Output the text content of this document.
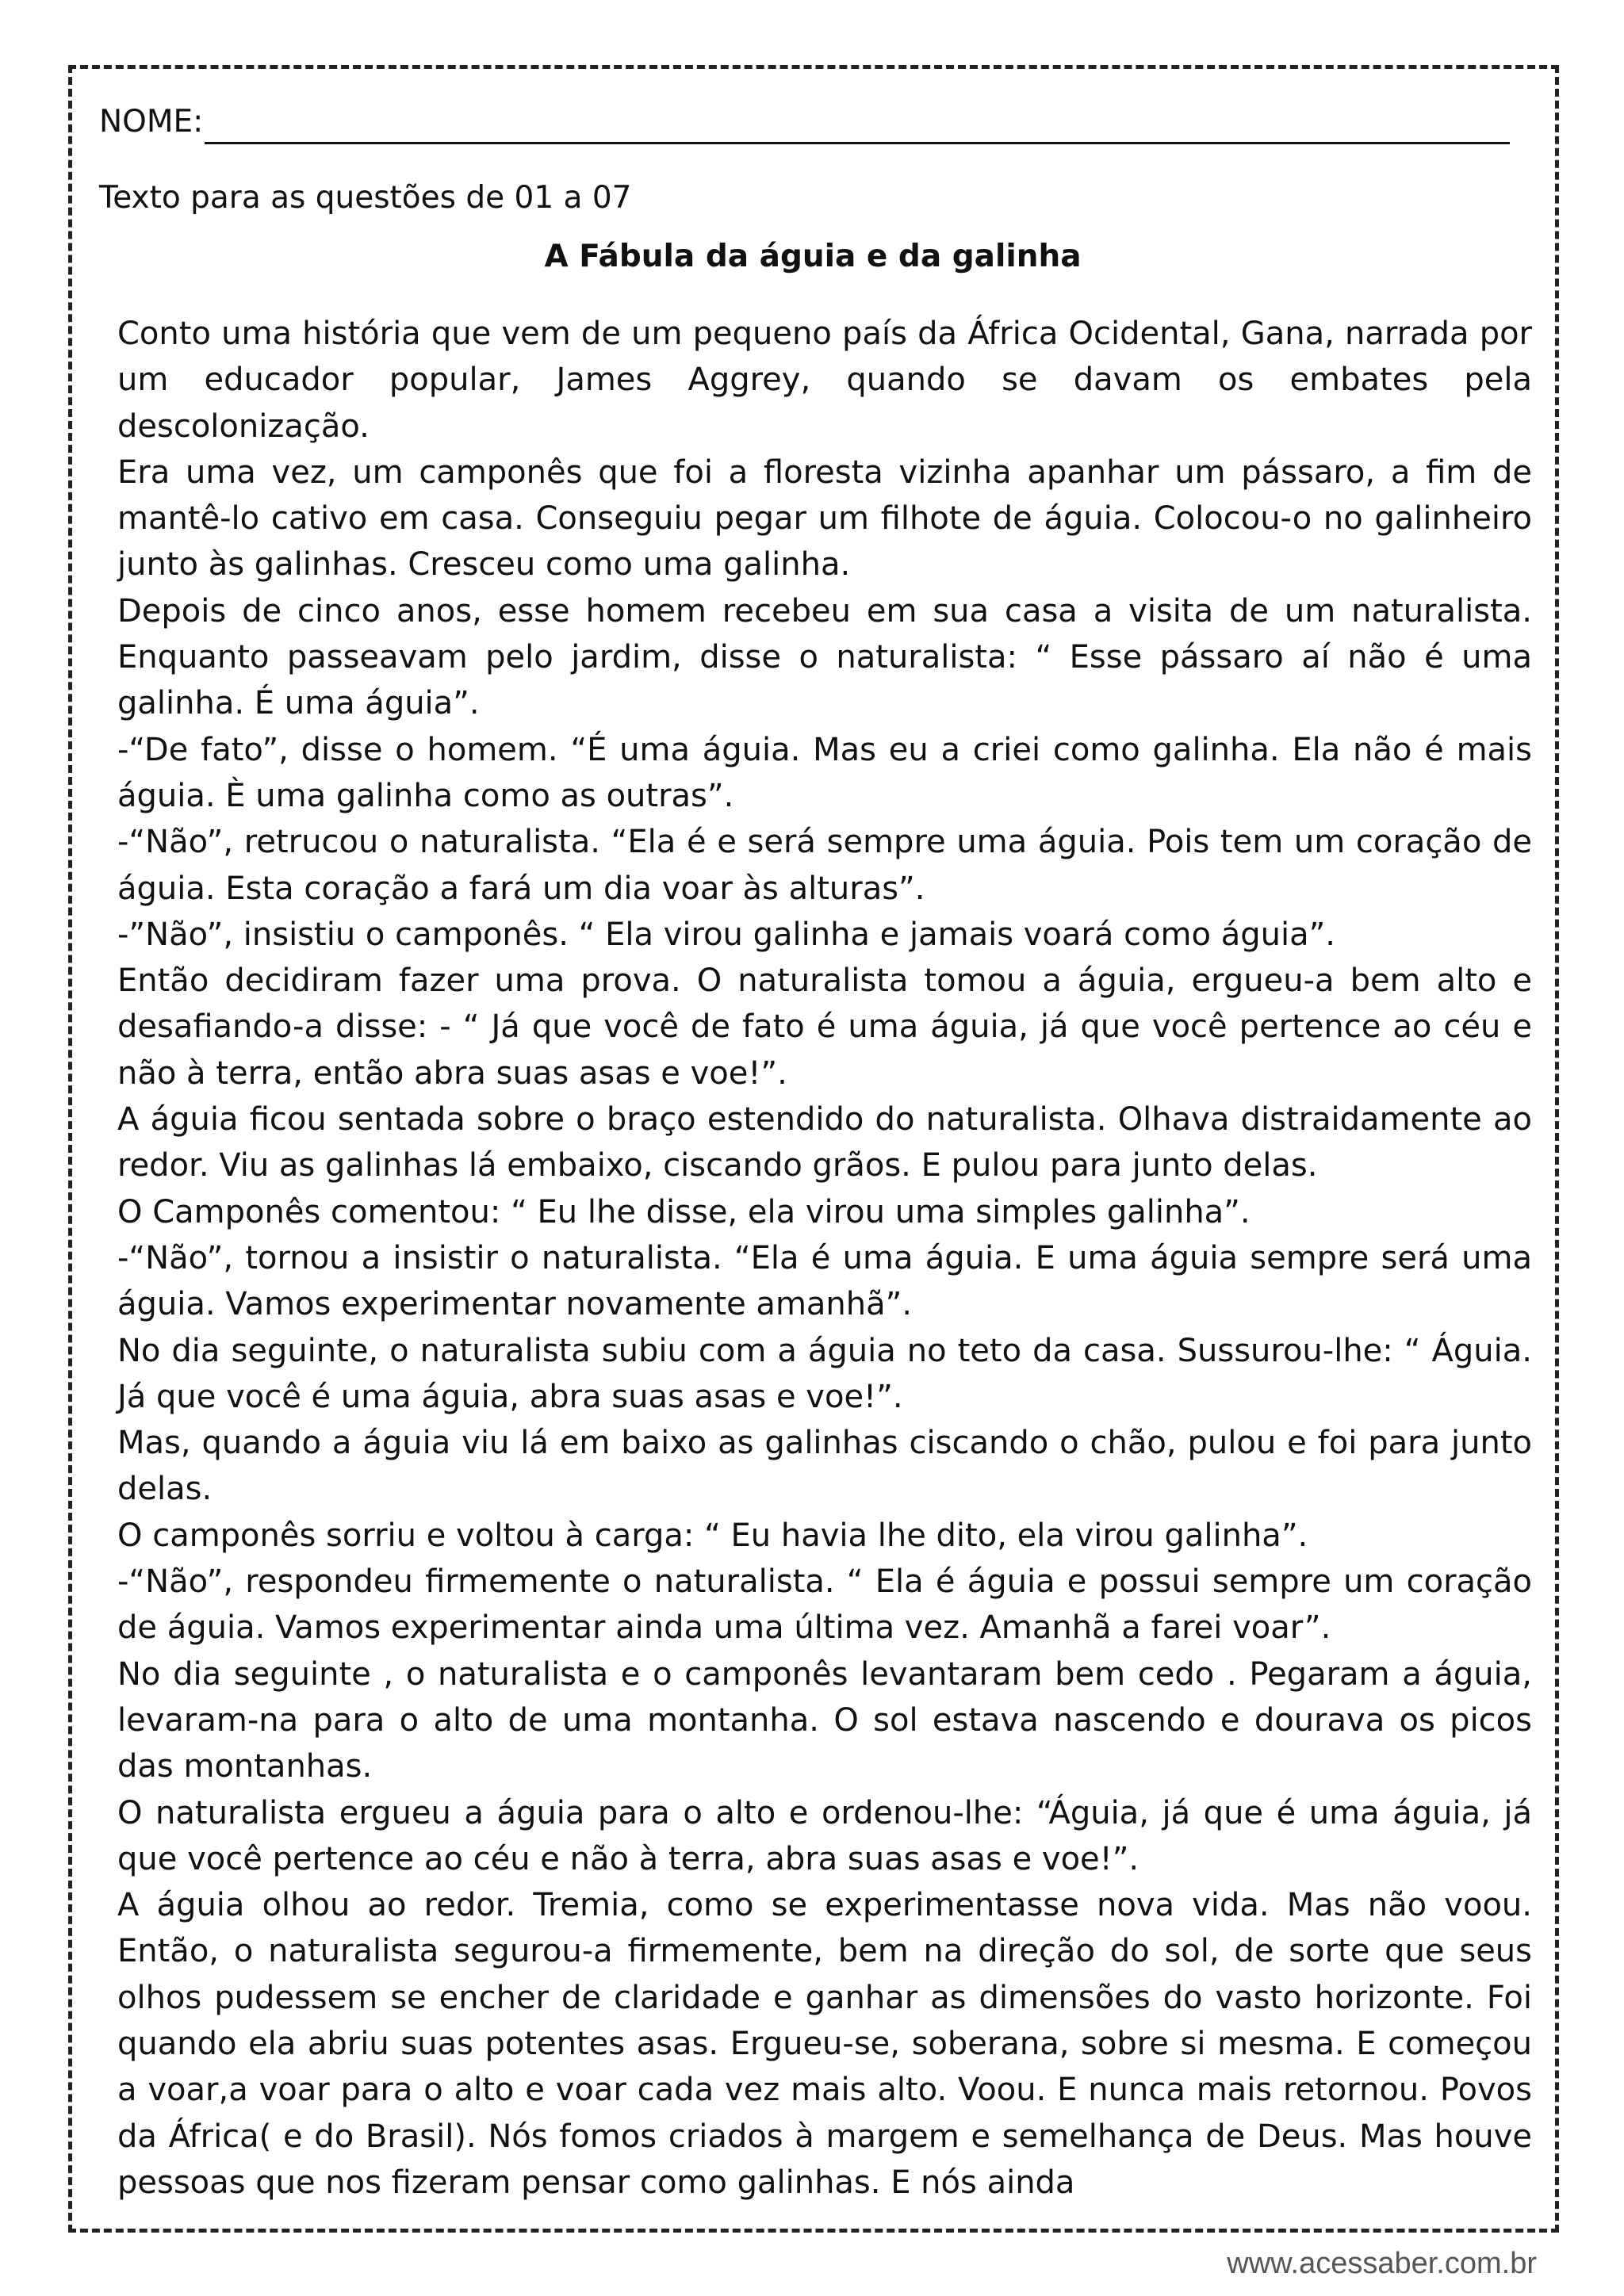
NOME:
Texto para as questões de 01 a 07
A Fábula da águia e da galinha

Conto uma história que vem de um pequeno país da África Ocidental, Gana, narrada por um educador popular, James Aggrey, quando se davam os embates pela descolonização.

Era uma vez, um camponês que foi a floresta vizinha apanhar um pássaro, a fim de mantê-lo cativo em casa. Conseguiu pegar um filhote de águia. Colocou-o no galinheiro junto às galinhas. Cresceu como uma galinha.

Depois de cinco anos, esse homem recebeu em sua casa a visita de um naturalista. Enquanto passeavam pelo jardim, disse o naturalista: “ Esse pássaro aí não é uma galinha. É uma águia”.

-“De fato”, disse o homem. “É uma águia. Mas eu a criei como galinha. Ela não é mais águia. È uma galinha como as outras”.

-“Não”, retrucou o naturalista. “Ela é e será sempre uma águia. Pois tem um coração de águia. Esta coração a fará um dia voar às alturas”.

-”Não”, insistiu o camponês. “ Ela virou galinha e jamais voará como águia”.

Então decidiram fazer uma prova. O naturalista tomou a águia, ergueu-a bem alto e desafiando-a disse: - “ Já que você de fato é uma águia, já que você pertence ao céu e não à terra, então abra suas asas e voe!”.

A águia ficou sentada sobre o braço estendido do naturalista. Olhava distraidamente ao redor. Viu as galinhas lá embaixo, ciscando grãos. E pulou para junto delas.

O Camponês comentou: “ Eu lhe disse, ela virou uma simples galinha”.

-“Não”, tornou a insistir o naturalista. “Ela é uma águia. E uma águia sempre será uma águia. Vamos experimentar novamente amanhã”.

No dia seguinte, o naturalista subiu com a águia no teto da casa. Sussurou-lhe: “ Águia. Já que você é uma águia, abra suas asas e voe!”.

Mas, quando a águia viu lá em baixo as galinhas ciscando o chão, pulou e foi para junto delas.

O camponês sorriu e voltou à carga: “ Eu havia lhe dito, ela virou galinha”.

-“Não”, respondeu firmemente o naturalista. “ Ela é águia e possui sempre um coração de águia. Vamos experimentar ainda uma última vez. Amanhã a farei voar”.

No dia seguinte , o naturalista e o camponês levantaram bem cedo . Pegaram a águia, levaram-na para o alto de uma montanha. O sol estava nascendo e dourava os picos das montanhas.

O naturalista ergueu a águia para o alto e ordenou-lhe: “Águia, já que é uma águia, já que você pertence ao céu e não à terra, abra suas asas e voe!”.

A águia olhou ao redor. Tremia, como se experimentasse nova vida. Mas não voou. Então, o naturalista segurou-a firmemente, bem na direção do sol, de sorte que seus olhos pudessem se encher de claridade e ganhar as dimensões do vasto horizonte. Foi quando ela abriu suas potentes asas. Ergueu-se, soberana, sobre si mesma. E começou a voar,a voar para o alto e voar cada vez mais alto. Voou. E nunca mais retornou. Povos da África( e do Brasil). Nós fomos criados à margem e semelhança de Deus. Mas houve pessoas que nos fizeram pensar como galinhas. E nós ainda

www.acessaber.com.br
